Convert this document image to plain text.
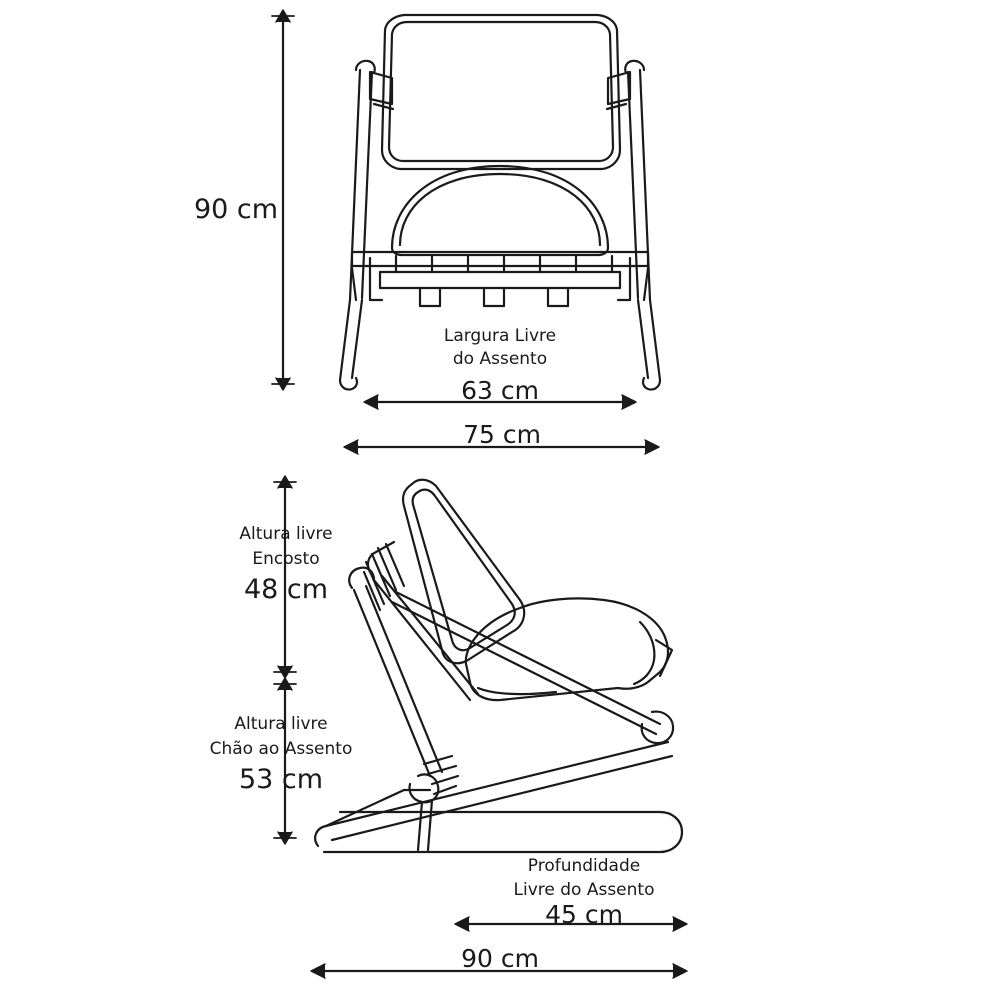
90 cm
Largura Livre
do Assento
63 cm
75 cm
Altura livre
Encosto
48 cm
Altura livre
Chão ao Assento
53 cm
Profundidade
Livre do Assento
45 cm
90 cm
